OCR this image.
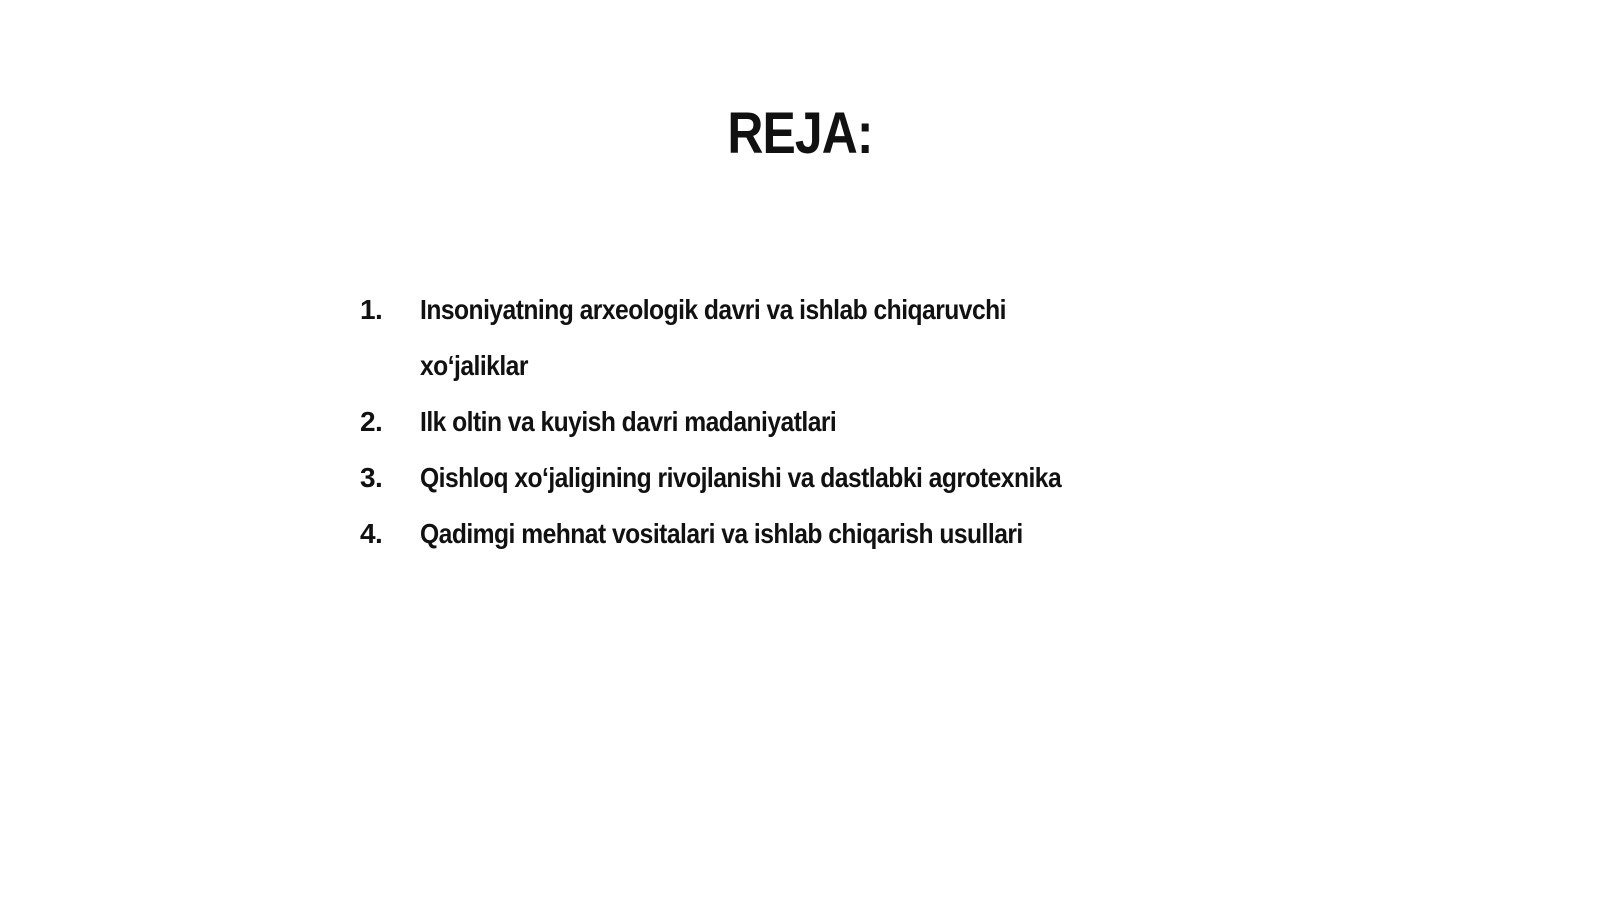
REJA:
1.	Insoniyatning arxeologik davri va ishlab chiqaruvchi xo‘jaliklar
2.	Ilk oltin va kuyish davri madaniyatlari
3.	Qishloq xo‘jaligining rivojlanishi va dastlabki agrotexnika
4.	Qadimgi mehnat vositalari va ishlab chiqarish usullari
